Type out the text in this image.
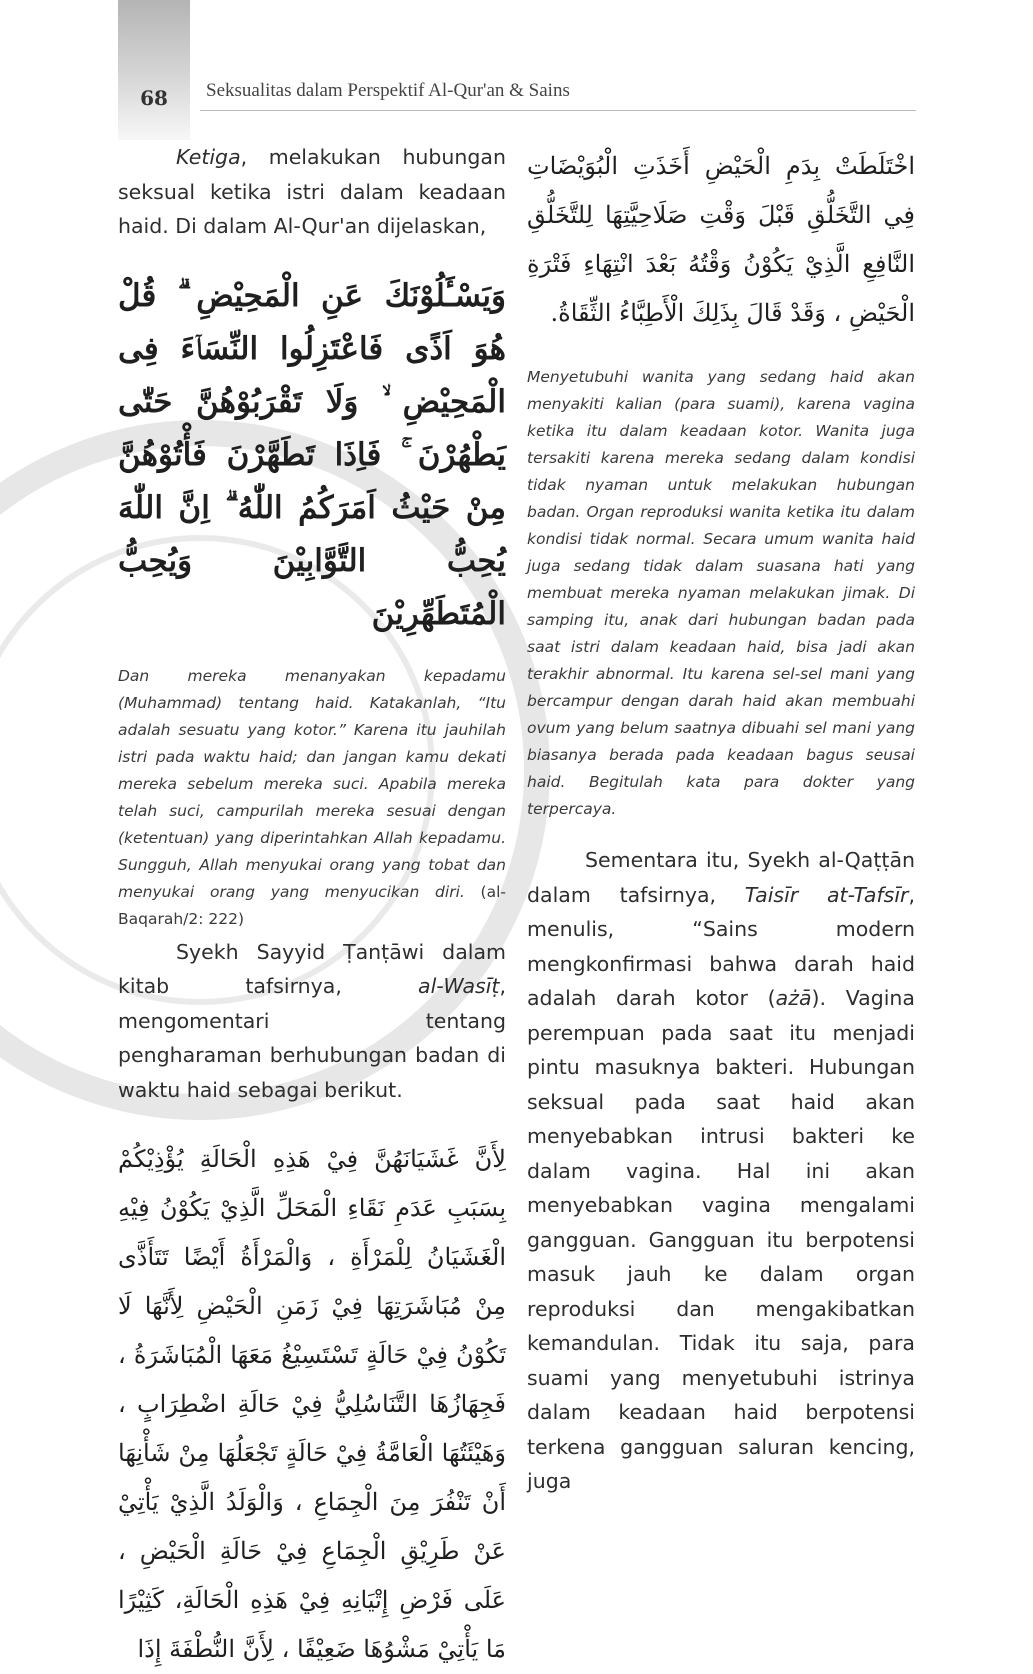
68	Seksualitas dalam Perspektif Al-Qur'an & Sains

Ketiga, melakukan hubungan seksual ketika istri dalam keadaan haid. Di dalam Al-Qur'an dijelaskan,

وَيَسْـَٔلُوْنَكَ عَنِ الْمَحِيْضِ ۗ قُلْ هُوَ اَذًى فَاعْتَزِلُوا النِّسَاۤءَ فِى الْمَحِيْضِ ۙ وَلَا تَقْرَبُوْهُنَّ حَتّٰى يَطْهُرْنَ ۚ فَاِذَا تَطَهَّرْنَ فَأْتُوْهُنَّ مِنْ حَيْثُ اَمَرَكُمُ اللّٰهُ ۗ اِنَّ اللّٰهَ يُحِبُّ التَّوَّابِيْنَ وَيُحِبُّ الْمُتَطَهِّرِيْنَ

Dan mereka menanyakan kepadamu (Muhammad) tentang haid. Katakanlah, “Itu adalah sesuatu yang kotor.” Karena itu jauhilah istri pada waktu haid; dan jangan kamu dekati mereka sebelum mereka suci. Apabila mereka telah suci, campurilah mereka sesuai dengan (ketentuan) yang diperintahkan Allah kepadamu. Sungguh, Allah menyukai orang yang tobat dan menyukai orang yang menyucikan diri. (al-Baqarah/2: 222)

Syekh Sayyid Ṭanṭāwi dalam kitab tafsirnya, al-Wasīṭ, mengomentari tentang pengharaman berhubungan badan di waktu haid sebagai berikut.

لِأَنَّ غَشَيَانَهُنَّ فِيْ هَذِهِ الْحَالَةِ يُؤْذِيْكُمْ بِسَبَبِ عَدَمِ نَقَاءِ الْمَحَلِّ الَّذِيْ يَكُوْنُ فِيْهِ الْغَشَيَانُ لِلْمَرْأَةِ ، وَالْمَرْأَةُ أَيْضًا تَتَأَذَّى مِنْ مُبَاشَرَتِهَا فِيْ زَمَنِ الْحَيْضِ لِأَنَّهَا لَا تَكُوْنُ فِيْ حَالَةٍ تَسْتَسِيْغُ مَعَهَا الْمُبَاشَرَةُ ، فَجِهَازُهَا التَّنَاسُلِيُّ فِيْ حَالَةِ اضْطِرَابٍ ، وَهَيْئَتُهَا الْعَامَّةُ فِيْ حَالَةٍ تَجْعَلُهَا مِنْ شَأْنِهَا أَنْ تَنْفُرَ مِنَ الْجِمَاعِ ، وَالْوَلَدُ الَّذِيْ يَأْتِيْ عَنْ طَرِيْقِ الْجِمَاعِ فِيْ حَالَةِ الْحَيْضِ ، عَلَى فَرْضِ إِتْيَانِهِ فِيْ هَذِهِ الْحَالَةِ، كَثِيْرًا مَا يَأْتِيْ مَشْوُهَا ضَعِيْفًا ، لِأَنَّ النُّطْفَةَ إِذَا

اخْتَلَطَتْ بِدَمِ الْحَيْضِ أَخَذَتِ الْبُوَيْضَاتِ فِي التَّخَلُّقِ قَبْلَ وَقْتِ صَلَاحِيَّتِهَا لِلتَّخَلُّقِ النَّافِعِ الَّذِيْ يَكُوْنُ وَقْتُهُ بَعْدَ انْتِهَاءِ فَتْرَةِ الْحَيْضِ ، وَقَدْ قَالَ بِذَلِكَ الْأَطِبَّاءُ الثِّقَاةُ.

Menyetubuhi wanita yang sedang haid akan menyakiti kalian (para suami), karena vagina ketika itu dalam keadaan kotor. Wanita juga tersakiti karena mereka sedang dalam kondisi tidak nyaman untuk melakukan hubungan badan. Organ reproduksi wanita ketika itu dalam kondisi tidak normal. Secara umum wanita haid juga sedang tidak dalam suasana hati yang membuat mereka nyaman melakukan jimak. Di samping itu, anak dari hubungan badan pada saat istri dalam keadaan haid, bisa jadi akan terakhir abnormal. Itu karena sel-sel mani yang bercampur dengan darah haid akan membuahi ovum yang belum saatnya dibuahi sel mani yang biasanya berada pada keadaan bagus seusai haid. Begitulah kata para dokter yang terpercaya.

Sementara itu, Syekh al-Qaṭṭān dalam tafsirnya, Taisīr at-Tafsīr, menulis, “Sains modern mengkonfirmasi bahwa darah haid adalah darah kotor (ażā). Vagina perempuan pada saat itu menjadi pintu masuknya bakteri. Hubungan seksual pada saat haid akan menyebabkan intrusi bakteri ke dalam vagina. Hal ini akan menyebabkan vagina mengalami gangguan. Gangguan itu berpotensi masuk jauh ke dalam organ reproduksi dan mengakibatkan kemandulan. Tidak itu saja, para suami yang menyetubuhi istrinya dalam keadaan haid berpotensi terkena gangguan saluran kencing, juga
